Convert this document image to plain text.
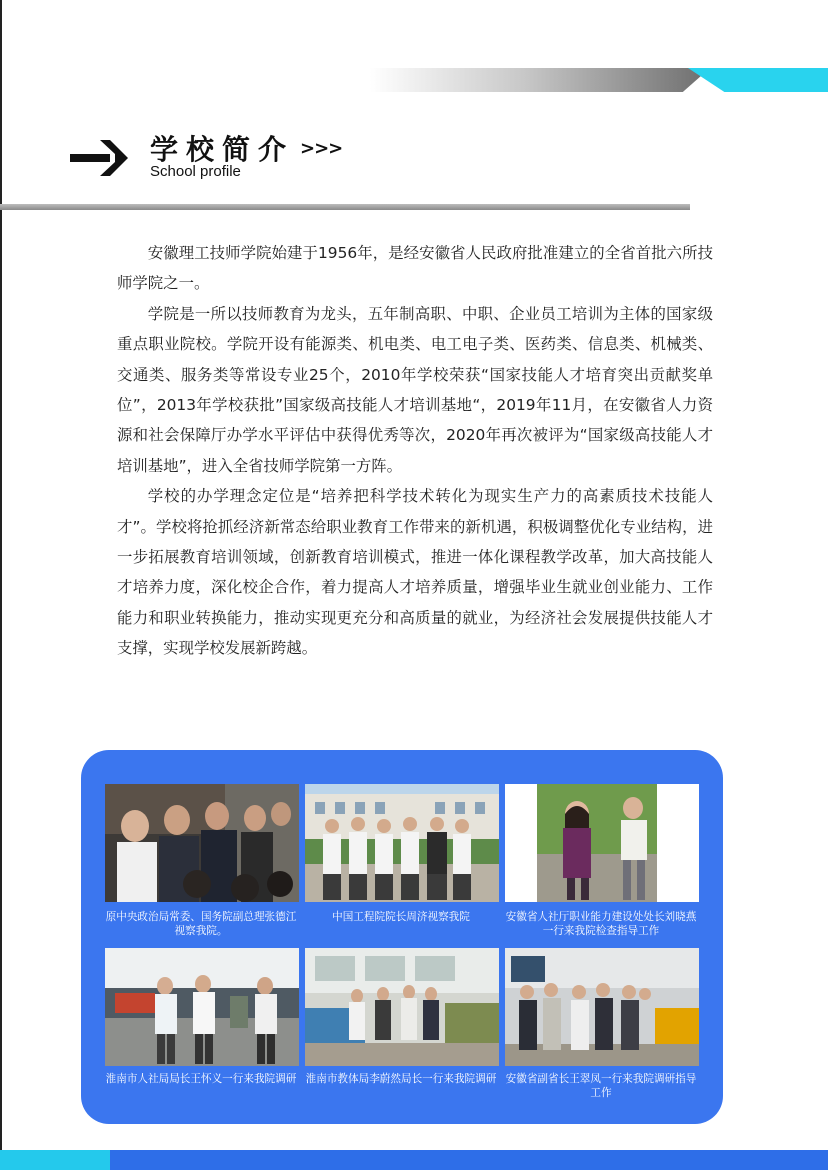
学校简介 >>>
School profile

安徽理工技师学院始建于1956年，是经安徽省人民政府批准建立的全省首批六所技师学院之一。

学院是一所以技师教育为龙头，五年制高职、中职、企业员工培训为主体的国家级重点职业院校。学院开设有能源类、机电类、电工电子类、医药类、信息类、机械类、交通类、服务类等常设专业25个，2010年学校荣获“国家技能人才培育突出贡献奖单位”，2013年学校获批”国家级高技能人才培训基地“，2019年11月，在安徽省人力资源和社会保障厅办学水平评估中获得优秀等次，2020年再次被评为“国家级高技能人才培训基地”，进入全省技师学院第一方阵。

学校的办学理念定位是“培养把科学技术转化为现实生产力的高素质技术技能人才”。学校将抢抓经济新常态给职业教育工作带来的新机遇，积极调整优化专业结构，进一步拓展教育培训领域，创新教育培训模式，推进一体化课程教学改革，加大高技能人才培养力度，深化校企合作，着力提高人才培养质量，增强毕业生就业创业能力、工作能力和职业转换能力，推动实现更充分和高质量的就业，为经济社会发展提供技能人才支撑，实现学校发展新跨越。

原中央政治局常委、国务院副总理张德江视察我院。
中国工程院院长周济视察我院	安徽省人社厅职业能力建设处处长刘晓燕一行来我院检查指导工作
淮南市人社局局长王怀义一行来我院调研 淮南市教体局李蔚然局长一行来我院调研 安徽省副省长王翠凤一行来我院调研指导工作
